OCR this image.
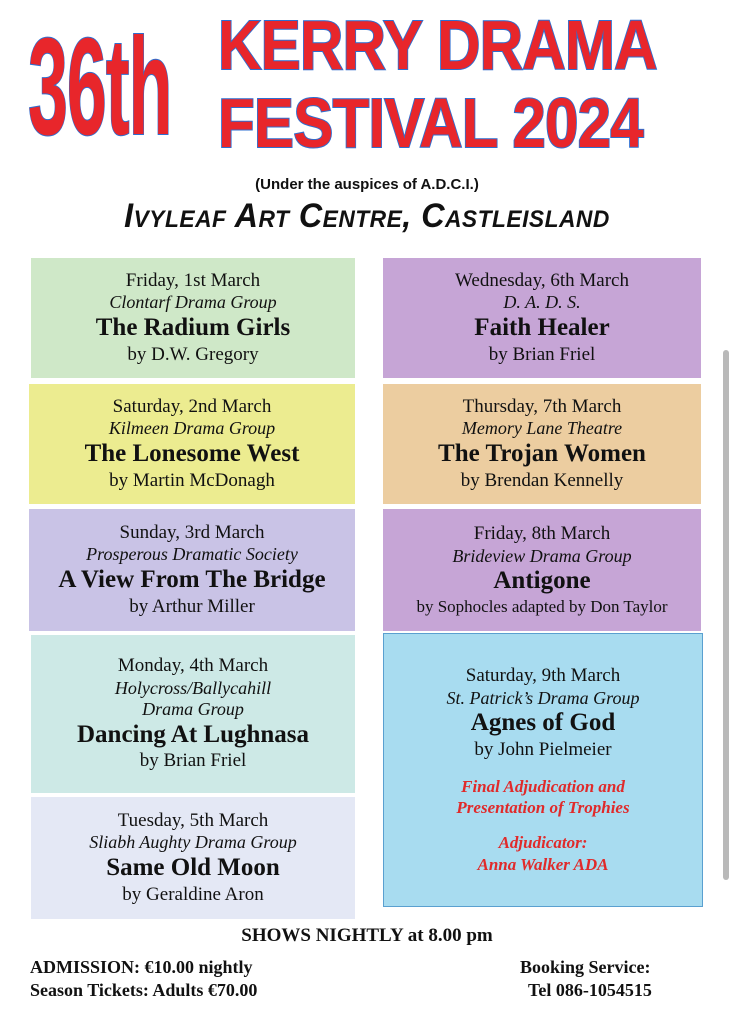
36th KERRY DRAMA
FESTIVAL 2024
(Under the auspices of A.D.C.I.)
Ivyleaf Art Centre, Castleisland
Friday, 1st March
Clontarf Drama Group
The Radium Girls
by D.W. Gregory
Saturday, 2nd March
Kilmeen Drama Group
The Lonesome West
by Martin McDonagh
Sunday, 3rd March
Prosperous Dramatic Society
A View From The Bridge
by Arthur Miller
Monday, 4th March
Holycross/Ballycahill
Drama Group
Dancing At Lughnasa
by Brian Friel
Tuesday, 5th March
Sliabh Aughty Drama Group
Same Old Moon
by Geraldine Aron
Wednesday, 6th March
D. A. D. S.
Faith Healer
by Brian Friel
Thursday, 7th March
Memory Lane Theatre
The Trojan Women
by Brendan Kennelly
Friday, 8th March
Brideview Drama Group
Antigone
by Sophocles adapted by Don Taylor
Saturday, 9th March
St. Patrick’s Drama Group
Agnes of God
by John Pielmeier
Final Adjudication and
Presentation of Trophies
Adjudicator:
Anna Walker ADA
SHOWS NIGHTLY at 8.00 pm
ADMISSION: €10.00 nightly
Season Tickets: Adults €70.00
Booking Service:
Tel 086-1054515
